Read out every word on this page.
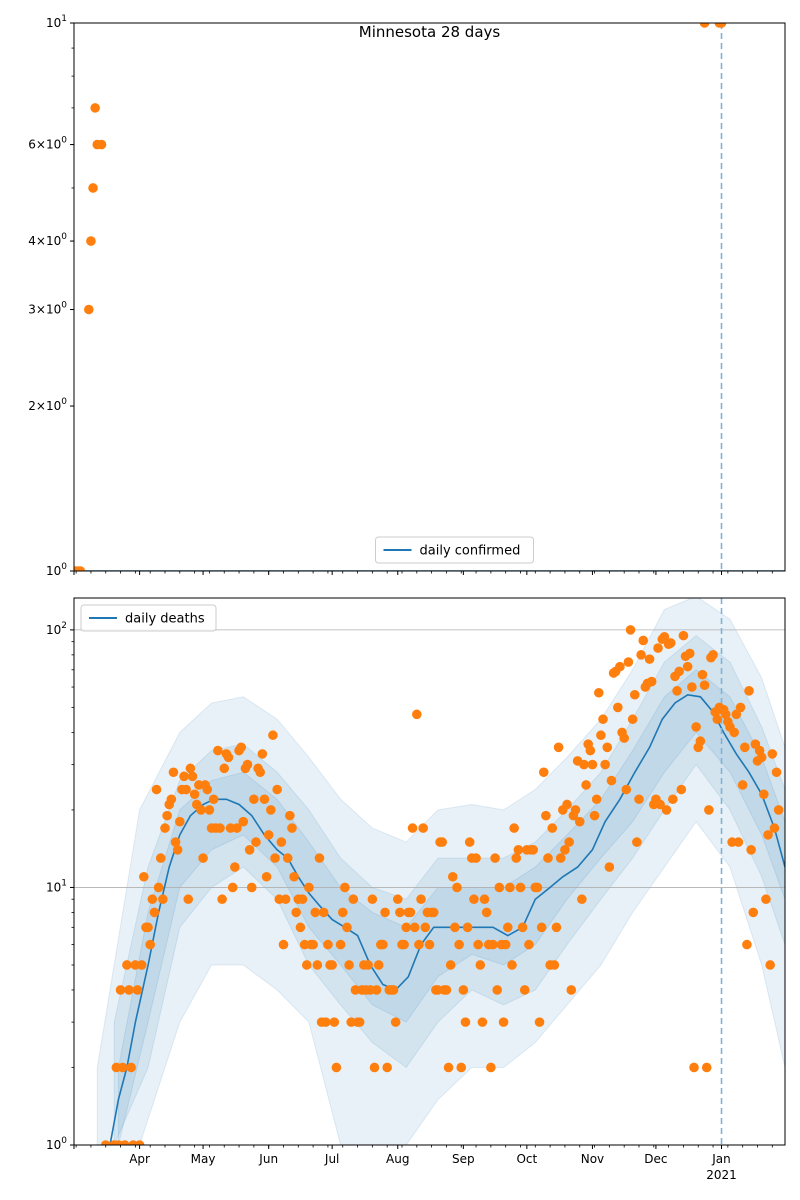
$10^0$
$2\times 10^0$
$3\times 10^0$
$4\times 10^0$
$6\times 10^0$
$10^1$
Minnesota 28 days
daily confirmed
$10^0$
$10^1$
$10^2$
Apr	May	Jun	Jul	Aug	Sep	Oct	Nov	Dec	Jan
2021
daily deaths
